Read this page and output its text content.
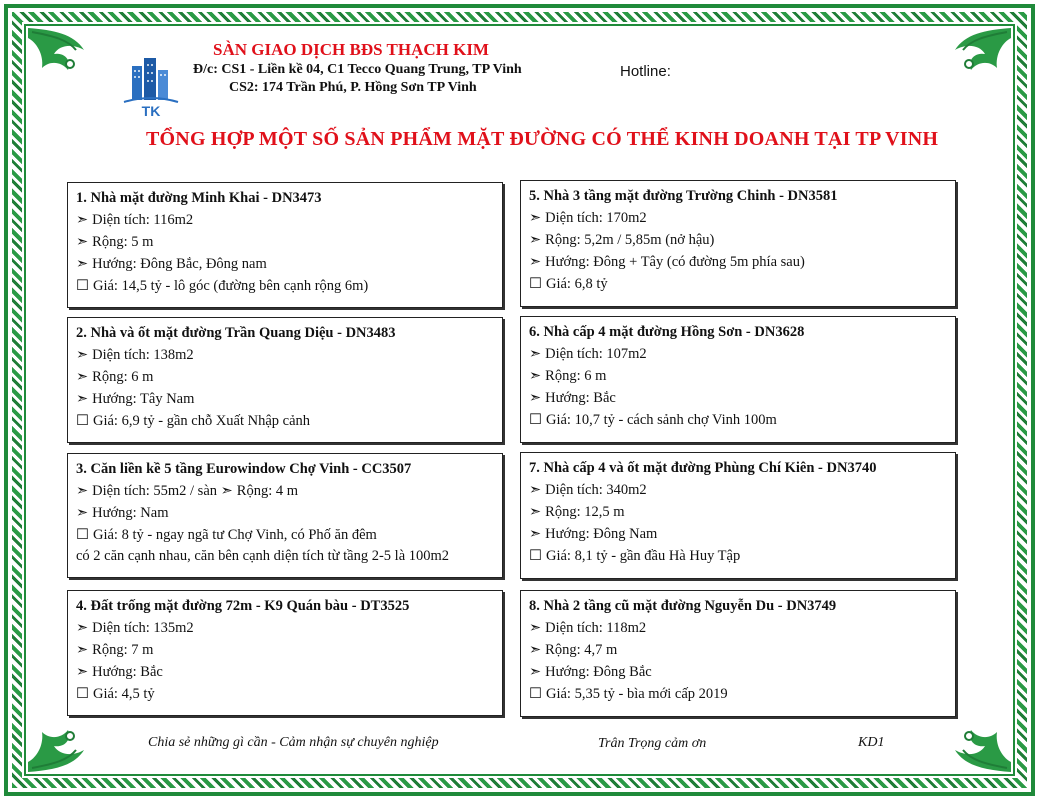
TK
SÀN GIAO DỊCH BĐS THẠCH KIM
Đ/c: CS1 - Liền kề 04, C1 Tecco Quang Trung, TP Vinh
CS2: 174 Trần Phú, P. Hồng Sơn TP Vinh
Hotline:
TỔNG HỢP MỘT SỐ SẢN PHẨM MẶT ĐƯỜNG CÓ THỂ KINH DOANH TẠI TP VINH
1. Nhà mặt đường Minh Khai - DN3473
➣ Diện tích: 116m2
➣ Rộng: 5 m
➣ Hướng: Đông Bắc, Đông nam
☐ Giá: 14,5 tỷ - lô góc (đường bên cạnh rộng 6m)
2. Nhà và ốt mặt đường Trần Quang Diệu - DN3483
➣ Diện tích: 138m2
➣ Rộng: 6 m
➣ Hướng: Tây Nam
☐ Giá: 6,9 tỷ - gần chỗ Xuất Nhập cảnh
3. Căn liền kề 5 tầng Eurowindow Chợ Vinh - CC3507
➣ Diện tích: 55m2 / sàn ➣ Rộng: 4 m
➣ Hướng: Nam
☐ Giá: 8 tỷ - ngay ngã tư Chợ Vinh, có Phố ăn đêm
có 2 căn cạnh nhau, căn bên cạnh diện tích từ tầng 2-5 là 100m2
4. Đất trống mặt đường 72m - K9 Quán bàu - DT3525
➣ Diện tích: 135m2
➣ Rộng: 7 m
➣ Hướng: Bắc
☐ Giá: 4,5 tỷ
5. Nhà 3 tầng mặt đường Trường Chinh - DN3581
➣ Diện tích: 170m2
➣ Rộng: 5,2m / 5,85m (nở hậu)
➣ Hướng: Đông + Tây (có đường 5m phía sau)
☐ Giá: 6,8 tỷ
6. Nhà cấp 4 mặt đường Hồng Sơn - DN3628
➣ Diện tích: 107m2
➣ Rộng: 6 m
➣ Hướng: Bắc
☐ Giá: 10,7 tỷ - cách sảnh chợ Vinh 100m
7. Nhà cấp 4 và ốt mặt đường Phùng Chí Kiên - DN3740
➣ Diện tích: 340m2
➣ Rộng: 12,5 m
➣ Hướng: Đông Nam
☐ Giá: 8,1 tỷ - gần đầu Hà Huy Tập
8. Nhà 2 tầng cũ mặt đường Nguyễn Du - DN3749
➣ Diện tích: 118m2
➣ Rộng: 4,7 m
➣ Hướng: Đông Bắc
☐ Giá: 5,35 tỷ - bìa mới cấp 2019
Chia sẻ những gì cần - Cảm nhận sự chuyên nghiệp	Trân Trọng cảm ơn	KD1
